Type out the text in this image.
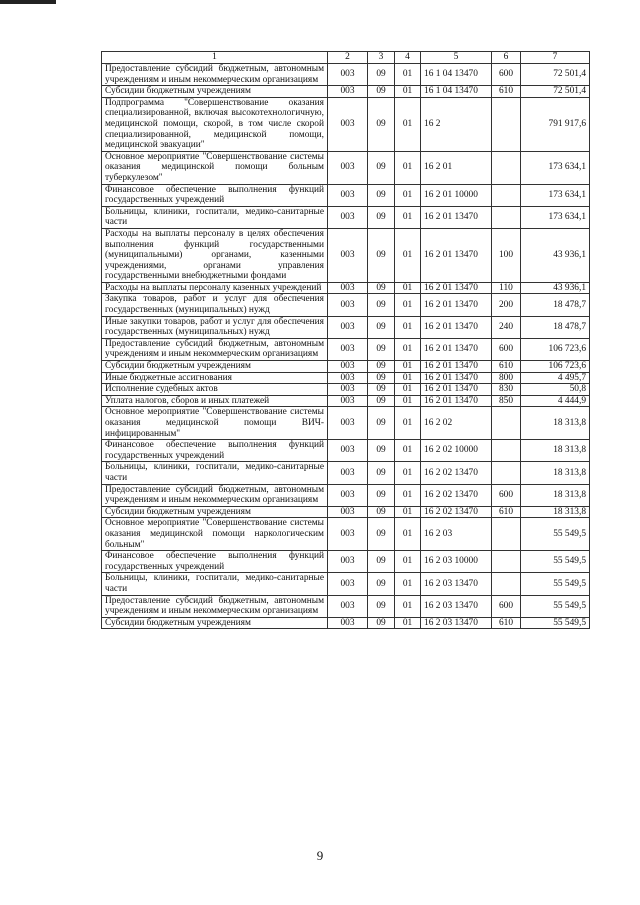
1	2	3	4	5	6	7
Предоставление субсидий бюджетным, автономным учреждениям и иным некоммерческим организациям	003	09	01	16 1 04 13470	600	72 501,4
Субсидии бюджетным учреждениям	003	09	01	16 1 04 13470	610	72 501,4
Подпрограмма "Совершенствование оказания специализированной, включая высокотехнологичную, медицинской помощи, скорой, в том числе скорой специализированной, медицинской помощи, медицинской эвакуации"	003	09	01	16 2		791 917,6
Основное мероприятие "Совершенствование системы оказания медицинской помощи больным туберкулезом"	003	09	01	16 2 01		173 634,1
Финансовое обеспечение выполнения функций государственных учреждений	003	09	01	16 2 01 10000		173 634,1
Больницы, клиники, госпитали, медико-санитарные части	003	09	01	16 2 01 13470		173 634,1
Расходы на выплаты персоналу в целях обеспечения выполнения функций государственными (муниципальными) органами, казенными учреждениями, органами управления государственными внебюджетными фондами	003	09	01	16 2 01 13470	100	43 936,1
Расходы на выплаты персоналу казенных учреждений	003	09	01	16 2 01 13470	110	43 936,1
Закупка товаров, работ и услуг для обеспечения государственных (муниципальных) нужд	003	09	01	16 2 01 13470	200	18 478,7
Иные закупки товаров, работ и услуг для обеспечения государственных (муниципальных) нужд	003	09	01	16 2 01 13470	240	18 478,7
Предоставление субсидий бюджетным, автономным учреждениям и иным некоммерческим организациям	003	09	01	16 2 01 13470	600	106 723,6
Субсидии бюджетным учреждениям	003	09	01	16 2 01 13470	610	106 723,6
Иные бюджетные ассигнования	003	09	01	16 2 01 13470	800	4 495,7
Исполнение судебных актов	003	09	01	16 2 01 13470	830	50,8
Уплата налогов, сборов и иных платежей	003	09	01	16 2 01 13470	850	4 444,9
Основное мероприятие "Совершенствование системы оказания медицинской помощи ВИЧ-инфицированным"	003	09	01	16 2 02		18 313,8
Финансовое обеспечение выполнения функций государственных учреждений	003	09	01	16 2 02 10000		18 313,8
Больницы, клиники, госпитали, медико-санитарные части	003	09	01	16 2 02 13470		18 313,8
Предоставление субсидий бюджетным, автономным учреждениям и иным некоммерческим организациям	003	09	01	16 2 02 13470	600	18 313,8
Субсидии бюджетным учреждениям	003	09	01	16 2 02 13470	610	18 313,8
Основное мероприятие "Совершенствование системы оказания медицинской помощи наркологическим больным"	003	09	01	16 2 03		55 549,5
Финансовое обеспечение выполнения функций государственных учреждений	003	09	01	16 2 03 10000		55 549,5
Больницы, клиники, госпитали, медико-санитарные части	003	09	01	16 2 03 13470		55 549,5
Предоставление субсидий бюджетным, автономным учреждениям и иным некоммерческим организациям	003	09	01	16 2 03 13470	600	55 549,5
Субсидии бюджетным учреждениям	003	09	01	16 2 03 13470	610	55 549,5
9
